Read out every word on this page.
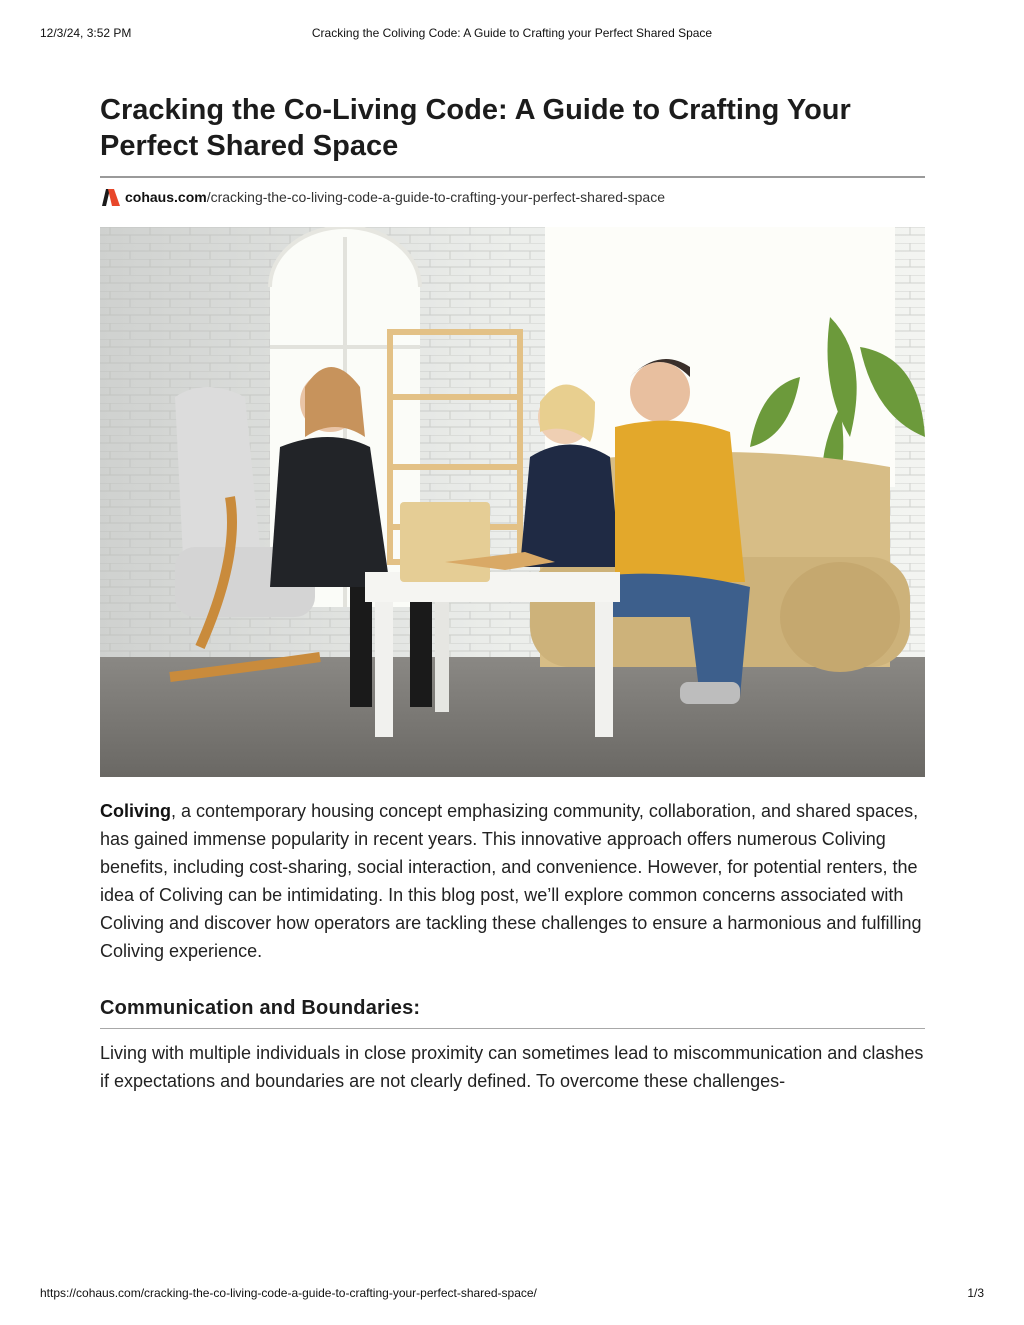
12/3/24, 3:52 PM	Cracking the Coliving Code: A Guide to Crafting your Perfect Shared Space
Cracking the Co-Living Code: A Guide to Crafting Your Perfect Shared Space
cohaus.com/cracking-the-co-living-code-a-guide-to-crafting-your-perfect-shared-space

Coliving, a contemporary housing concept emphasizing community, collaboration, and shared spaces, has gained immense popularity in recent years. This innovative approach offers numerous Coliving benefits, including cost-sharing, social interaction, and convenience. However, for potential renters, the idea of Coliving can be intimidating. In this blog post, we’ll explore common concerns associated with Coliving and discover how operators are tackling these challenges to ensure a harmonious and fulfilling Coliving experience.

Communication and Boundaries:

Living with multiple individuals in close proximity can sometimes lead to miscommunication and clashes if expectations and boundaries are not clearly defined. To overcome these challenges-

https://cohaus.com/cracking-the-co-living-code-a-guide-to-crafting-your-perfect-shared-space/	1/3
